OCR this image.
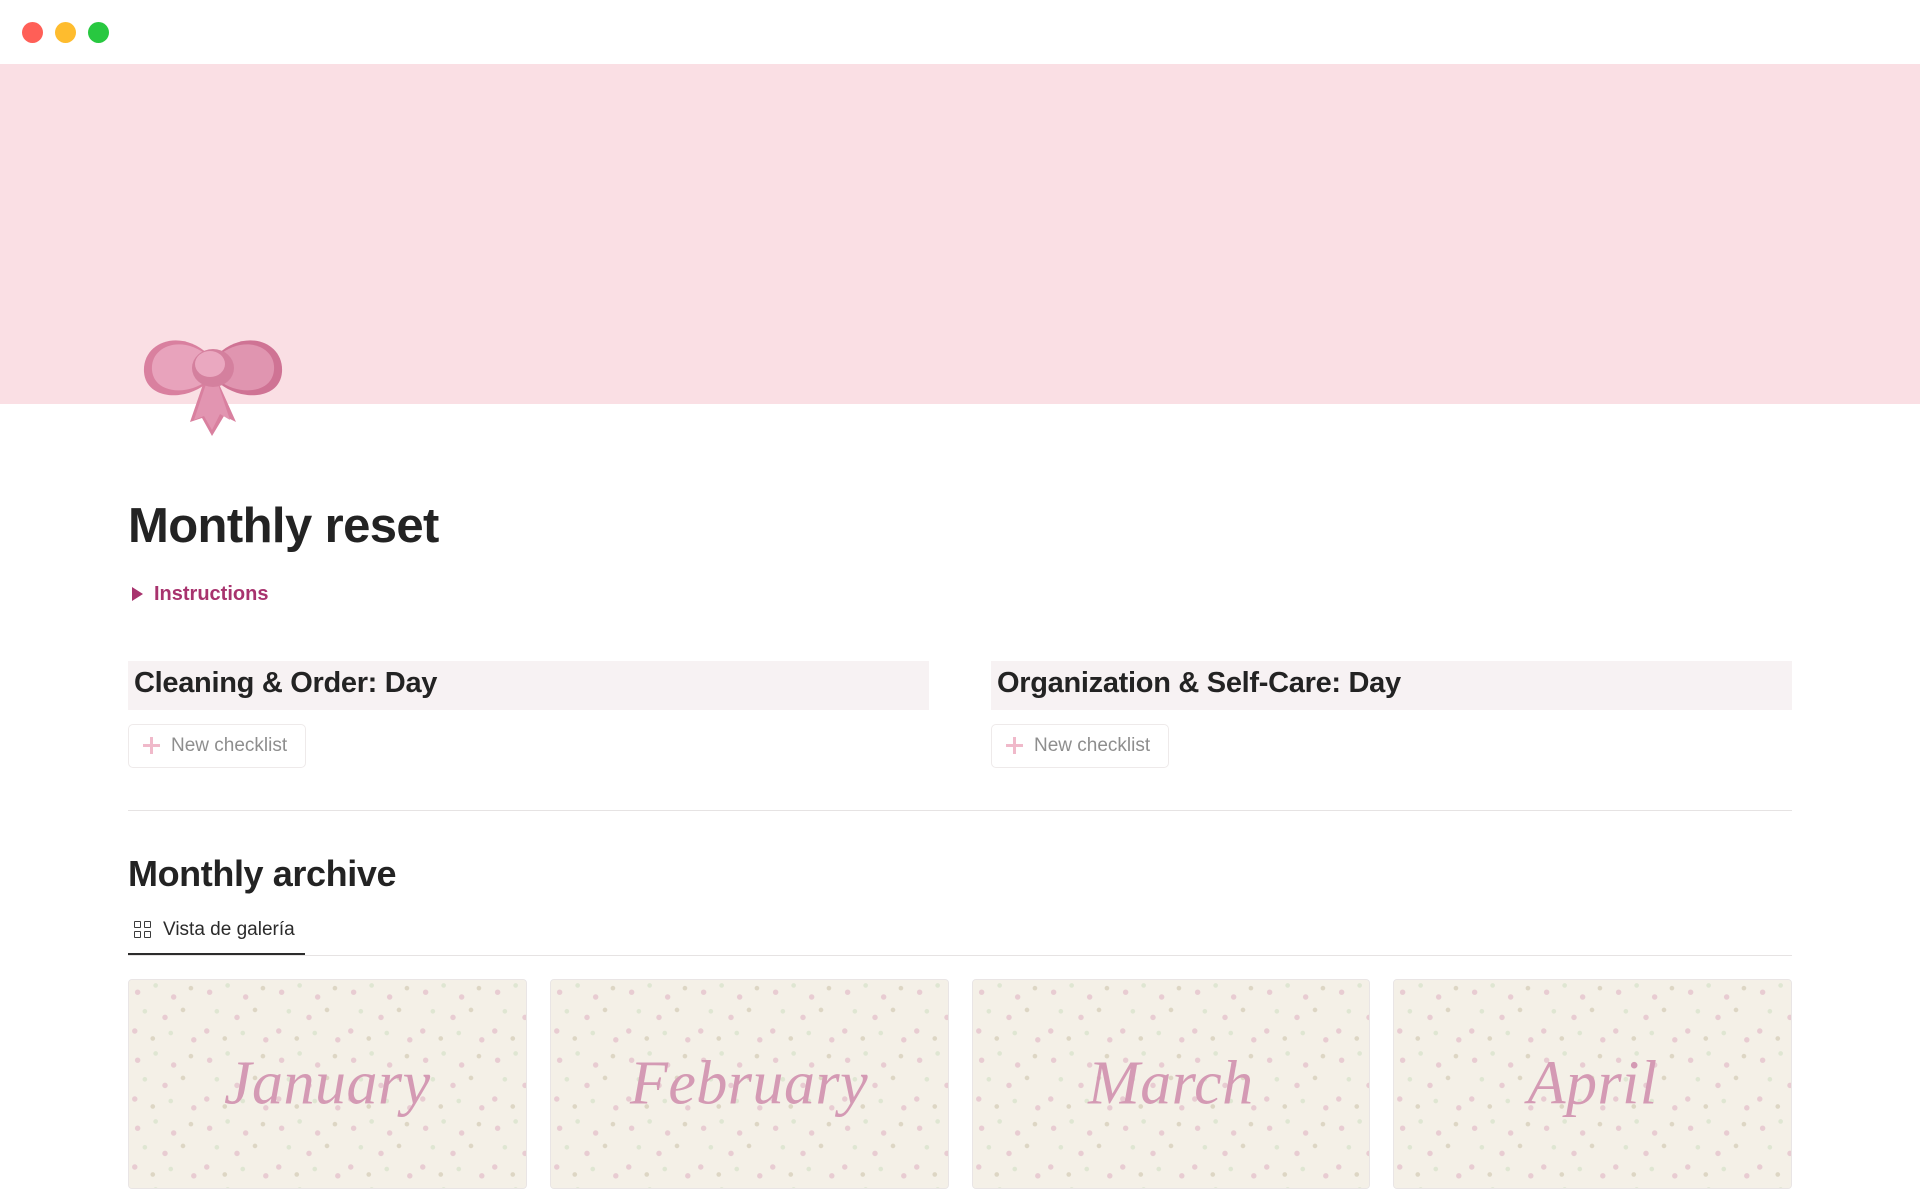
Monthly reset
Instructions
Cleaning & Order: Day
New checklist
Organization & Self-Care: Day
New checklist
Monthly archive
Vista de galería
January	February	March	April
